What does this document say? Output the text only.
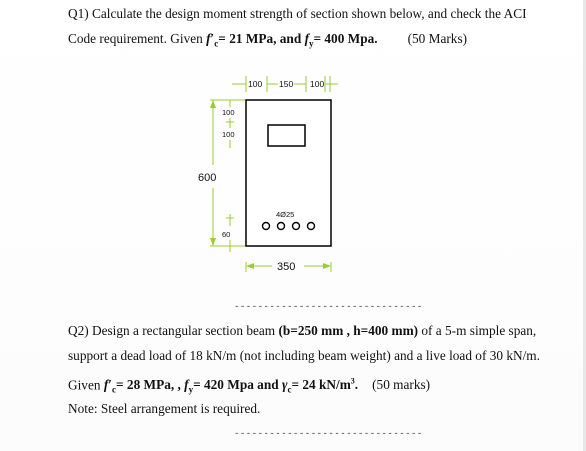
Q1) Calculate the design moment strength of section shown below, and check the ACI
Code requirement. Given $f'_c= 21$ MPa, and $f_y= 400$ Mpa. (50 Marks)
100 150 100
100
100
600
60
350
4Ø25
--------------------------------
Q2) Design a rectangular section beam (b=250 mm , h=400 mm) of a 5-m simple span,
support a dead load of 18 kN/m (not including beam weight) and a live load of 30 kN/m.
Given $f'_c= 28$ MPa, , $f_y= 420$ Mpa and $\gamma_c= 24$ $kN/m^3$. (50 marks)
Note: Steel arrangement is required.
--------------------------------
